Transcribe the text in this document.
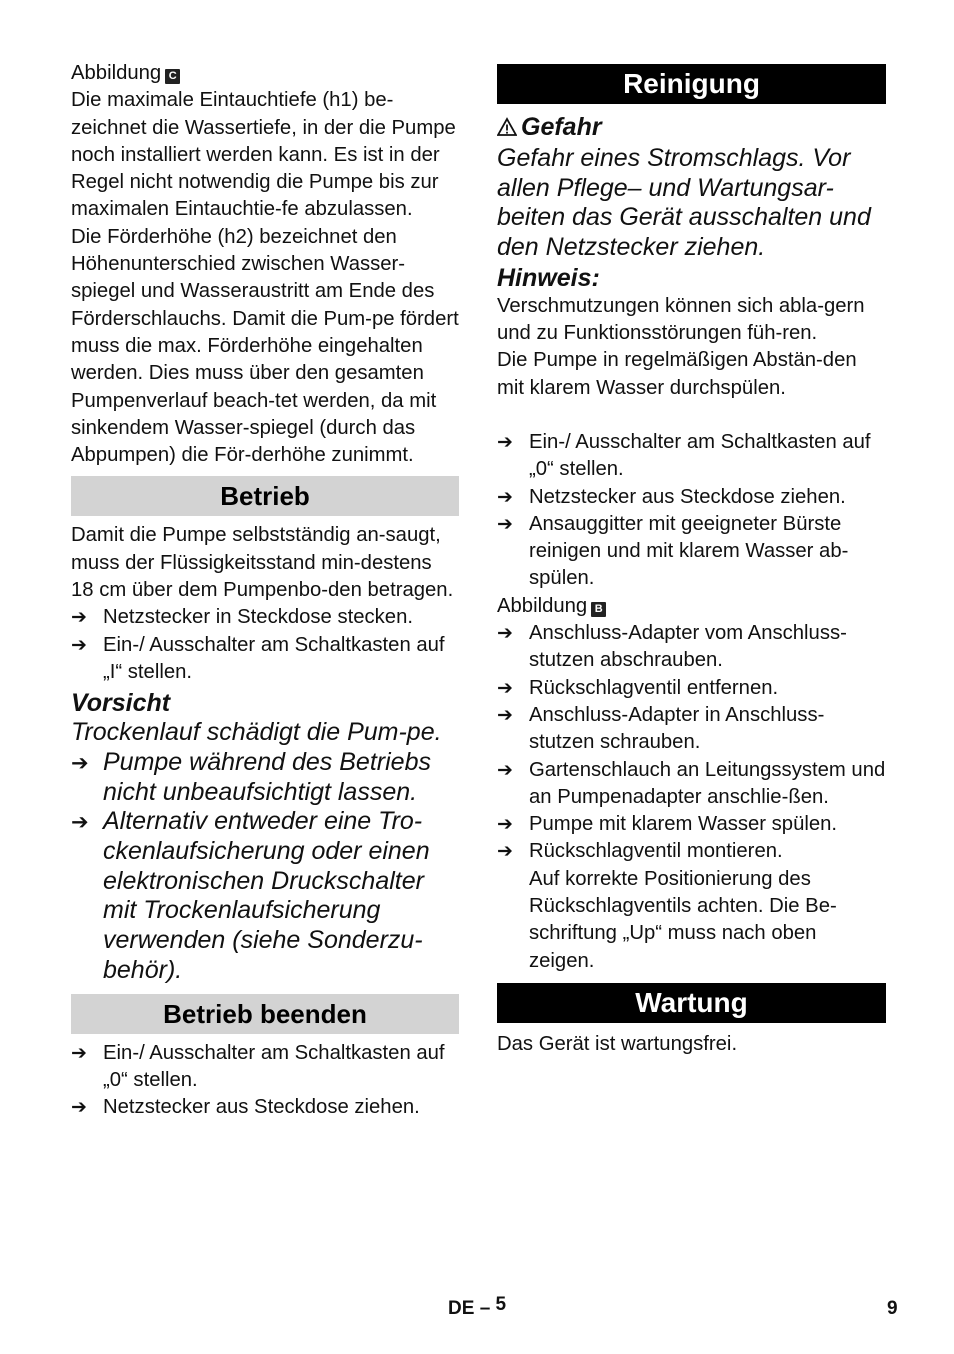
Abbildung C

Die maximale Eintauchtiefe (h1) be-zeichnet die Wassertiefe, in der die Pumpe noch installiert werden kann. Es ist in der Regel nicht notwendig die Pumpe bis zur maximalen Eintauchtie-fe abzulassen.

Die Förderhöhe (h2) bezeichnet den Höhenunterschied zwischen Wasser-spiegel und Wasseraustritt am Ende des Förderschlauchs. Damit die Pum-pe fördert muss die max. Förderhöhe eingehalten werden. Dies muss über den gesamten Pumpenverlauf beach-tet werden, da mit sinkendem Wasser-spiegel (durch das Abpumpen) die För-derhöhe zunimmt.

Betrieb

Damit die Pumpe selbstständig an-saugt, muss der Flüssigkeitsstand min-destens 18 cm über dem Pumpenbo-den betragen.

➔ Netzstecker in Steckdose stecken.
➔ Ein-/ Ausschalter am Schaltkasten auf „I“ stellen.
Vorsicht

Trockenlauf schädigt die Pum-pe.

➔ Pumpe während des Betriebs nicht unbeaufsichtigt lassen.
➔ Alternativ entweder eine Tro-ckenlaufsicherung oder einen elektronischen Druckschalter mit Trockenlaufsicherung verwenden (siehe Sonderzu-behör).
Betrieb beenden
➔ Ein-/ Ausschalter am Schaltkasten auf „0“ stellen.
➔ Netzstecker aus Steckdose ziehen.
Reinigung
Gefahr

Gefahr eines Stromschlags. Vor allen Pflege– und Wartungsar-beiten das Gerät ausschalten und den Netzstecker ziehen.

Hinweis:

Verschmutzungen können sich abla-gern und zu Funktionsstörungen füh-ren.

Die Pumpe in regelmäßigen Abstän-den mit klarem Wasser durchspülen.

➔ Ein-/ Ausschalter am Schaltkasten auf „0“ stellen.
➔ Netzstecker aus Steckdose ziehen.
➔ Ansauggitter mit geeigneter Bürste reinigen und mit klarem Wasser ab-spülen.

Abbildung B

➔ Anschluss-Adapter vom Anschluss-stutzen abschrauben.
➔ Rückschlagventil entfernen.
➔ Anschluss-Adapter in Anschluss-stutzen schrauben.
➔ Gartenschlauch an Leitungssystem und an Pumpenadapter anschlie-ßen.
➔ Pumpe mit klarem Wasser spülen.
➔ Rückschlagventil montieren.

Auf korrekte Positionierung des Rückschlagventils achten. Die Be-schriftung „Up“ muss nach oben zeigen.

Wartung

Das Gerät ist wartungsfrei.

DE – 5	9
